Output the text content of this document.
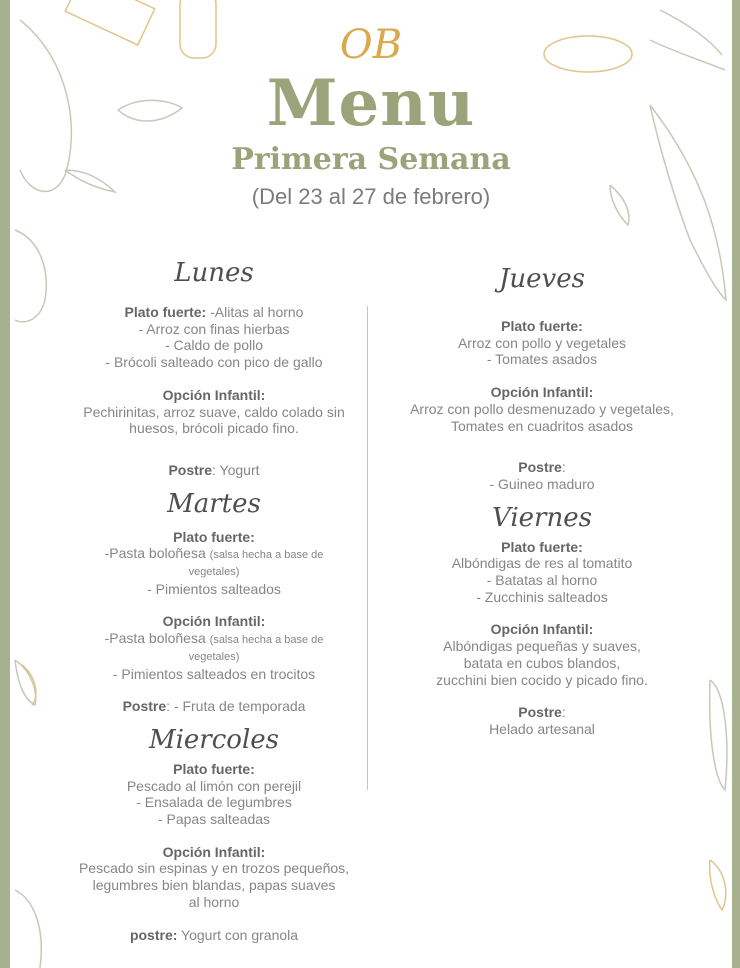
OB
Menu
Primera Semana
(Del 23 al 27 de febrero)
Lunes
Plato fuerte: -Alitas al horno
- Arroz con finas hierbas
- Caldo de pollo
- Brócoli salteado con pico de gallo
Opción Infantil:
Pechirinitas, arroz suave, caldo colado sin
huesos, brócoli picado fino.
Postre: Yogurt
Martes
Plato fuerte:
-Pasta boloñesa (salsa hecha a base de
vegetales)
- Pimientos salteados
Opción Infantil:
-Pasta boloñesa (salsa hecha a base de
vegetales)
- Pimientos salteados en trocitos
Postre: - Fruta de temporada
Miercoles
Plato fuerte:
Pescado al limón con perejil
- Ensalada de legumbres
- Papas salteadas
Opción Infantil:
Pescado sin espinas y en trozos pequeños,
legumbres bien blandas, papas suaves
al horno
postre: Yogurt con granola
Jueves
Plato fuerte:
Arroz con pollo y vegetales
- Tomates asados
Opción Infantil:
Arroz con pollo desmenuzado y vegetales,
Tomates en cuadritos asados
Postre:
- Guineo maduro
Viernes
Plato fuerte:
Albóndigas de res al tomatito
- Batatas al horno
- Zucchinis salteados
Opción Infantil:
Albóndigas pequeñas y suaves,
batata en cubos blandos,
zucchini bien cocido y picado fino.
Postre:
Helado artesanal
